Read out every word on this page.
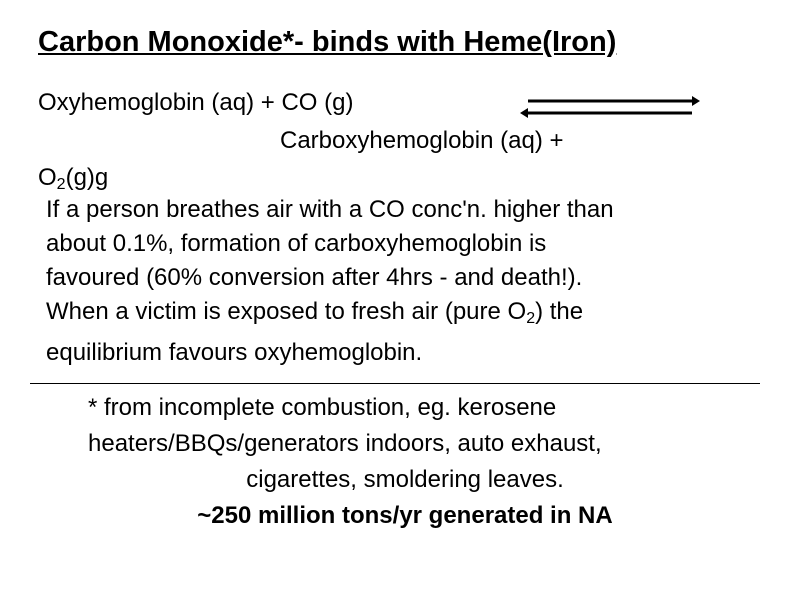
Carbon Monoxide*- binds with Heme(Iron)
Oxyhemoglobin (aq) + CO (g)
Carboxyhemoglobin (aq) +
$O_2(g)g$
If a person breathes air with a CO conc'n. higher than
about 0.1%, formation of carboxyhemoglobin is
favoured (60% conversion after 4hrs - and death!).
When a victim is exposed to fresh air (pure $O_2$) the
equilibrium favours oxyhemoglobin.
* from incomplete combustion, eg. kerosene
heaters/BBQs/generators indoors, auto exhaust,
cigarettes, smoldering leaves.
~250 million tons/yr generated in NA
